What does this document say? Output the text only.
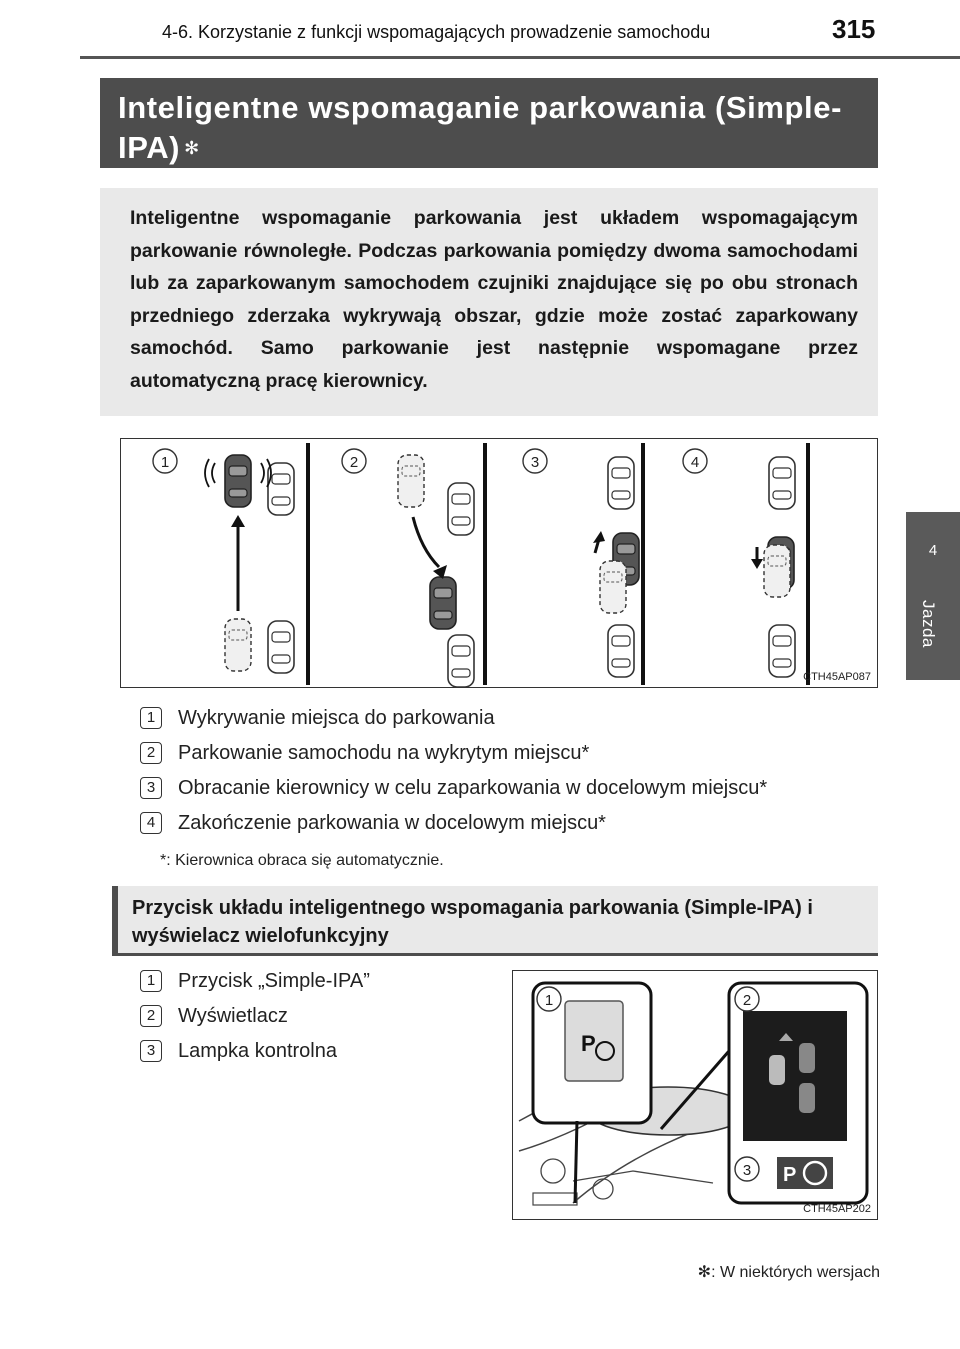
4-6. Korzystanie z funkcji wspomagających prowadzenie samochodu	315
4
Jazda
Inteligentne wspomaganie parkowania (Simple-IPA) ✻
Inteligentne wspomaganie parkowania jest układem wspomagającym parkowanie równoległe. Podczas parkowania pomiędzy dwoma samochodami lub za zaparkowanym samochodem czujniki znajdujące się po obu stronach przedniego zderzaka wykrywają obszar, gdzie może zostać zaparkowany samochód. Samo parkowanie jest następnie wspomagane przez automatyczną pracę kierownicy.
1	2	3	4
CTH45AP087
1	Wykrywanie miejsca do parkowania
2	Parkowanie samochodu na wykrytym miejscu*
3	Obracanie kierownicy w celu zaparkowania w docelowym miejscu*
4	Zakończenie parkowania w docelowym miejscu*
*: Kierownica obraca się automatycznie.
Przycisk układu inteligentnego wspomagania parkowania (Simple-IPA) i wyświelacz wielofunkcyjny
1	Przycisk „Simple-IPA”
2	Wyświetlacz
3	Lampka kontrolna	P
P
1	2
3
CTH45AP202
✻: W niektórych wersjach
